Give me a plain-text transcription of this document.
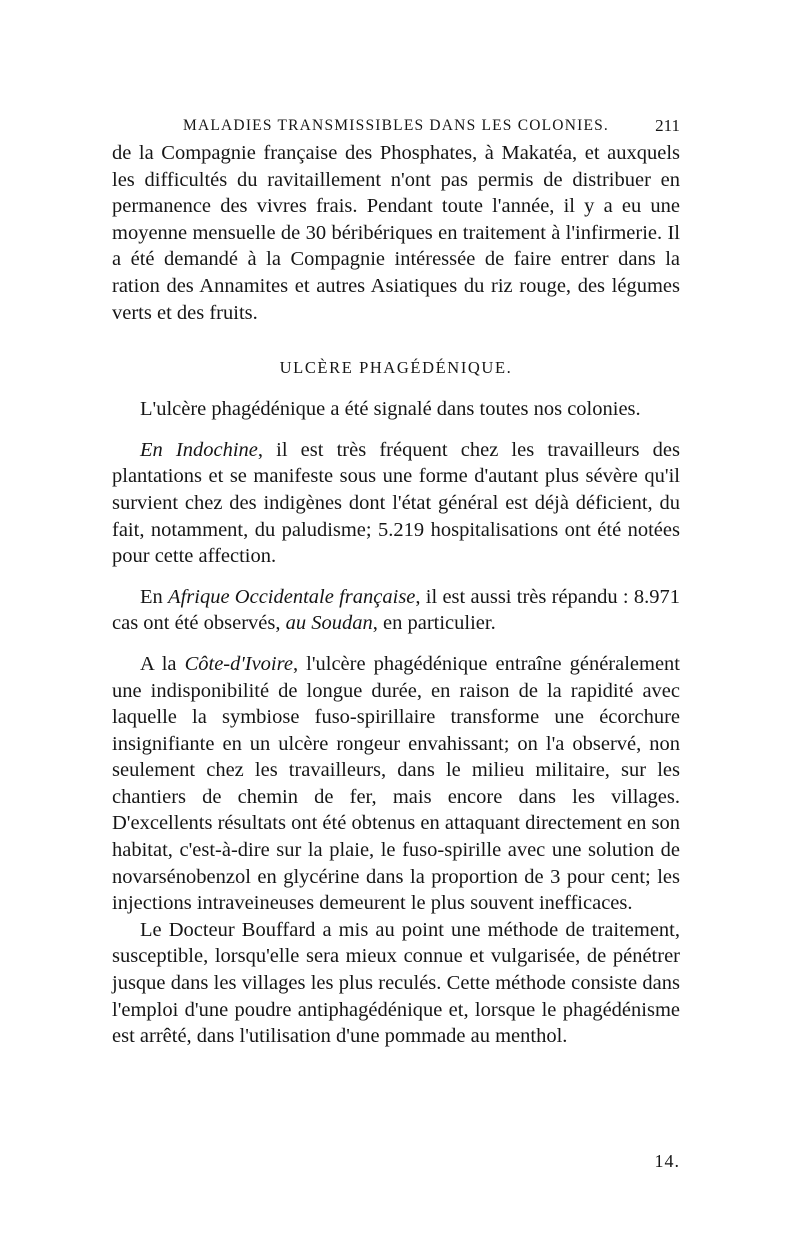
MALADIES TRANSMISSIBLES DANS LES COLONIES.	211

de la Compagnie française des Phosphates, à Makatéa, et auxquels les difficultés du ravitaillement n'ont pas permis de distribuer en permanence des vivres frais. Pendant toute l'année, il y a eu une moyenne mensuelle de 30 béribériques en traitement à l'infirmerie. Il a été demandé à la Compagnie intéressée de faire entrer dans la ration des Annamites et autres Asiatiques du riz rouge, des légumes verts et des fruits.

ULCÈRE PHAGÉDÉNIQUE.

L'ulcère phagédénique a été signalé dans toutes nos colonies.

En Indochine, il est très fréquent chez les travailleurs des plantations et se manifeste sous une forme d'autant plus sévère qu'il survient chez des indigènes dont l'état général est déjà déficient, du fait, notamment, du paludisme; 5.219 hospitalisations ont été notées pour cette affection.

En Afrique Occidentale française, il est aussi très répandu : 8.971 cas ont été observés, au Soudan, en particulier.

A la Côte-d'Ivoire, l'ulcère phagédénique entraîne généralement une indisponibilité de longue durée, en raison de la rapidité avec laquelle la symbiose fuso-spirillaire transforme une écorchure insignifiante en un ulcère rongeur envahissant; on l'a observé, non seulement chez les travailleurs, dans le milieu militaire, sur les chantiers de chemin de fer, mais encore dans les villages. D'excellents résultats ont été obtenus en attaquant directement en son habitat, c'est-à-dire sur la plaie, le fuso-spirille avec une solution de novarsénobenzol en glycérine dans la proportion de 3 pour cent; les injections intraveineuses demeurent le plus souvent inefficaces.

Le Docteur Bouffard a mis au point une méthode de traitement, susceptible, lorsqu'elle sera mieux connue et vulgarisée, de pénétrer jusque dans les villages les plus reculés. Cette méthode consiste dans l'emploi d'une poudre antiphagédénique et, lorsque le phagédénisme est arrêté, dans l'utilisation d'une pommade au menthol.

14.
